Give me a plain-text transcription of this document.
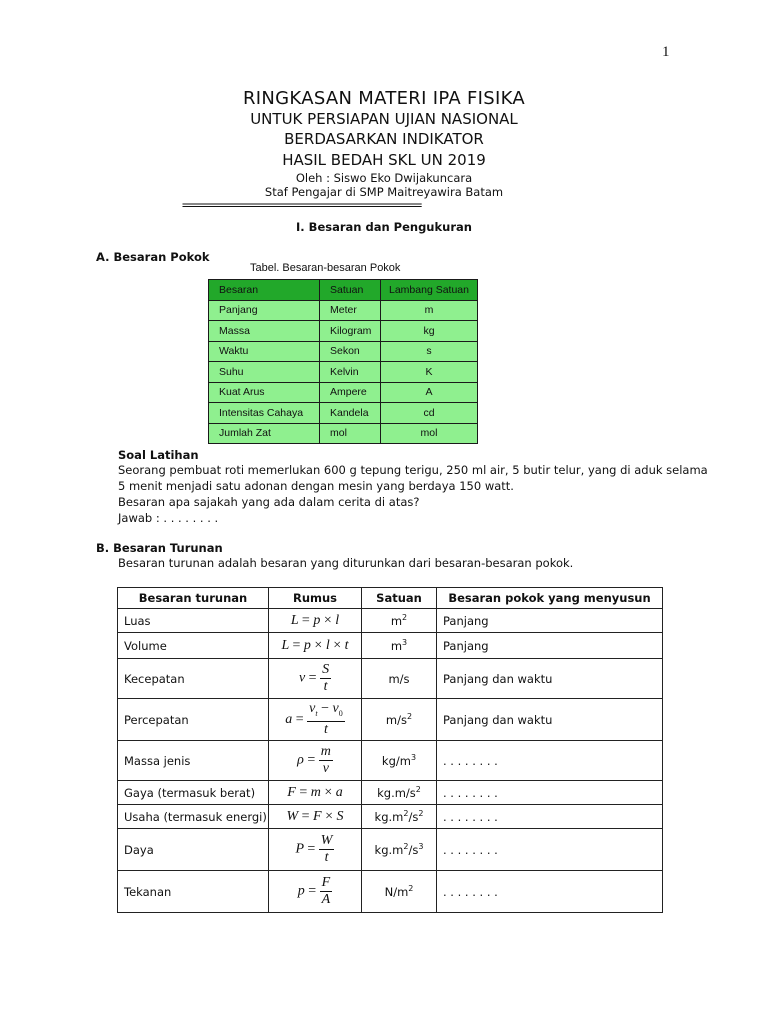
1
RINGKASAN MATERI IPA FISIKA
UNTUK PERSIAPAN UJIAN NASIONAL
BERDASARKAN INDIKATOR
HASIL BEDAH SKL UN 2019
Oleh : Siswo Eko Dwijakuncara
Staf Pengajar di SMP Maitreyawira Batam
============================================
I. Besaran dan Pengukuran
A. Besaran Pokok
Tabel. Besaran-besaran Pokok
Besaran	Satuan	Lambang Satuan
Panjang	Meter	m
Massa	Kilogram	kg
Waktu	Sekon	s
Suhu	Kelvin	K
Kuat Arus	Ampere	A
Intensitas Cahaya	Kandela	cd
Jumlah Zat	mol	mol
Soal Latihan
Seorang pembuat roti memerlukan 600 g tepung terigu, 250 ml air, 5 butir telur, yang di aduk selama
5 menit menjadi satu adonan dengan mesin yang berdaya 150 watt.
Besaran apa sajakah yang ada dalam cerita di atas?
Jawab : . . . . . . . .
B. Besaran Turunan
Besaran turunan adalah besaran yang diturunkan dari besaran-besaran pokok.
Besaran turunan	Rumus	Satuan	Besaran pokok yang menyusun
Luas	L = p × l	$m^2$	Panjang
Volume	L = p × l × t	$m^3$	Panjang
Kecepatan	$v = \frac{S}{t}$	m/s	Panjang dan waktu
Percepatan	$a = \frac{v_t - v_0}{t}$	$m/s^2$	Panjang dan waktu
Massa jenis	$\rho = \frac{m}{v}$	$kg/m^3$	. . . . . . . .
Gaya (termasuk berat)	F = m × a	$kg.m/s^2$	. . . . . . . .
Usaha (termasuk energi)	W = F × S	$kg.m^2/s^2$	. . . . . . . .
Daya	$P = \frac{W}{t}$	$kg.m^2/s^3$	. . . . . . . .
Tekanan	$p = \frac{F}{A}$	$N/m^2$	. . . . . . . .
